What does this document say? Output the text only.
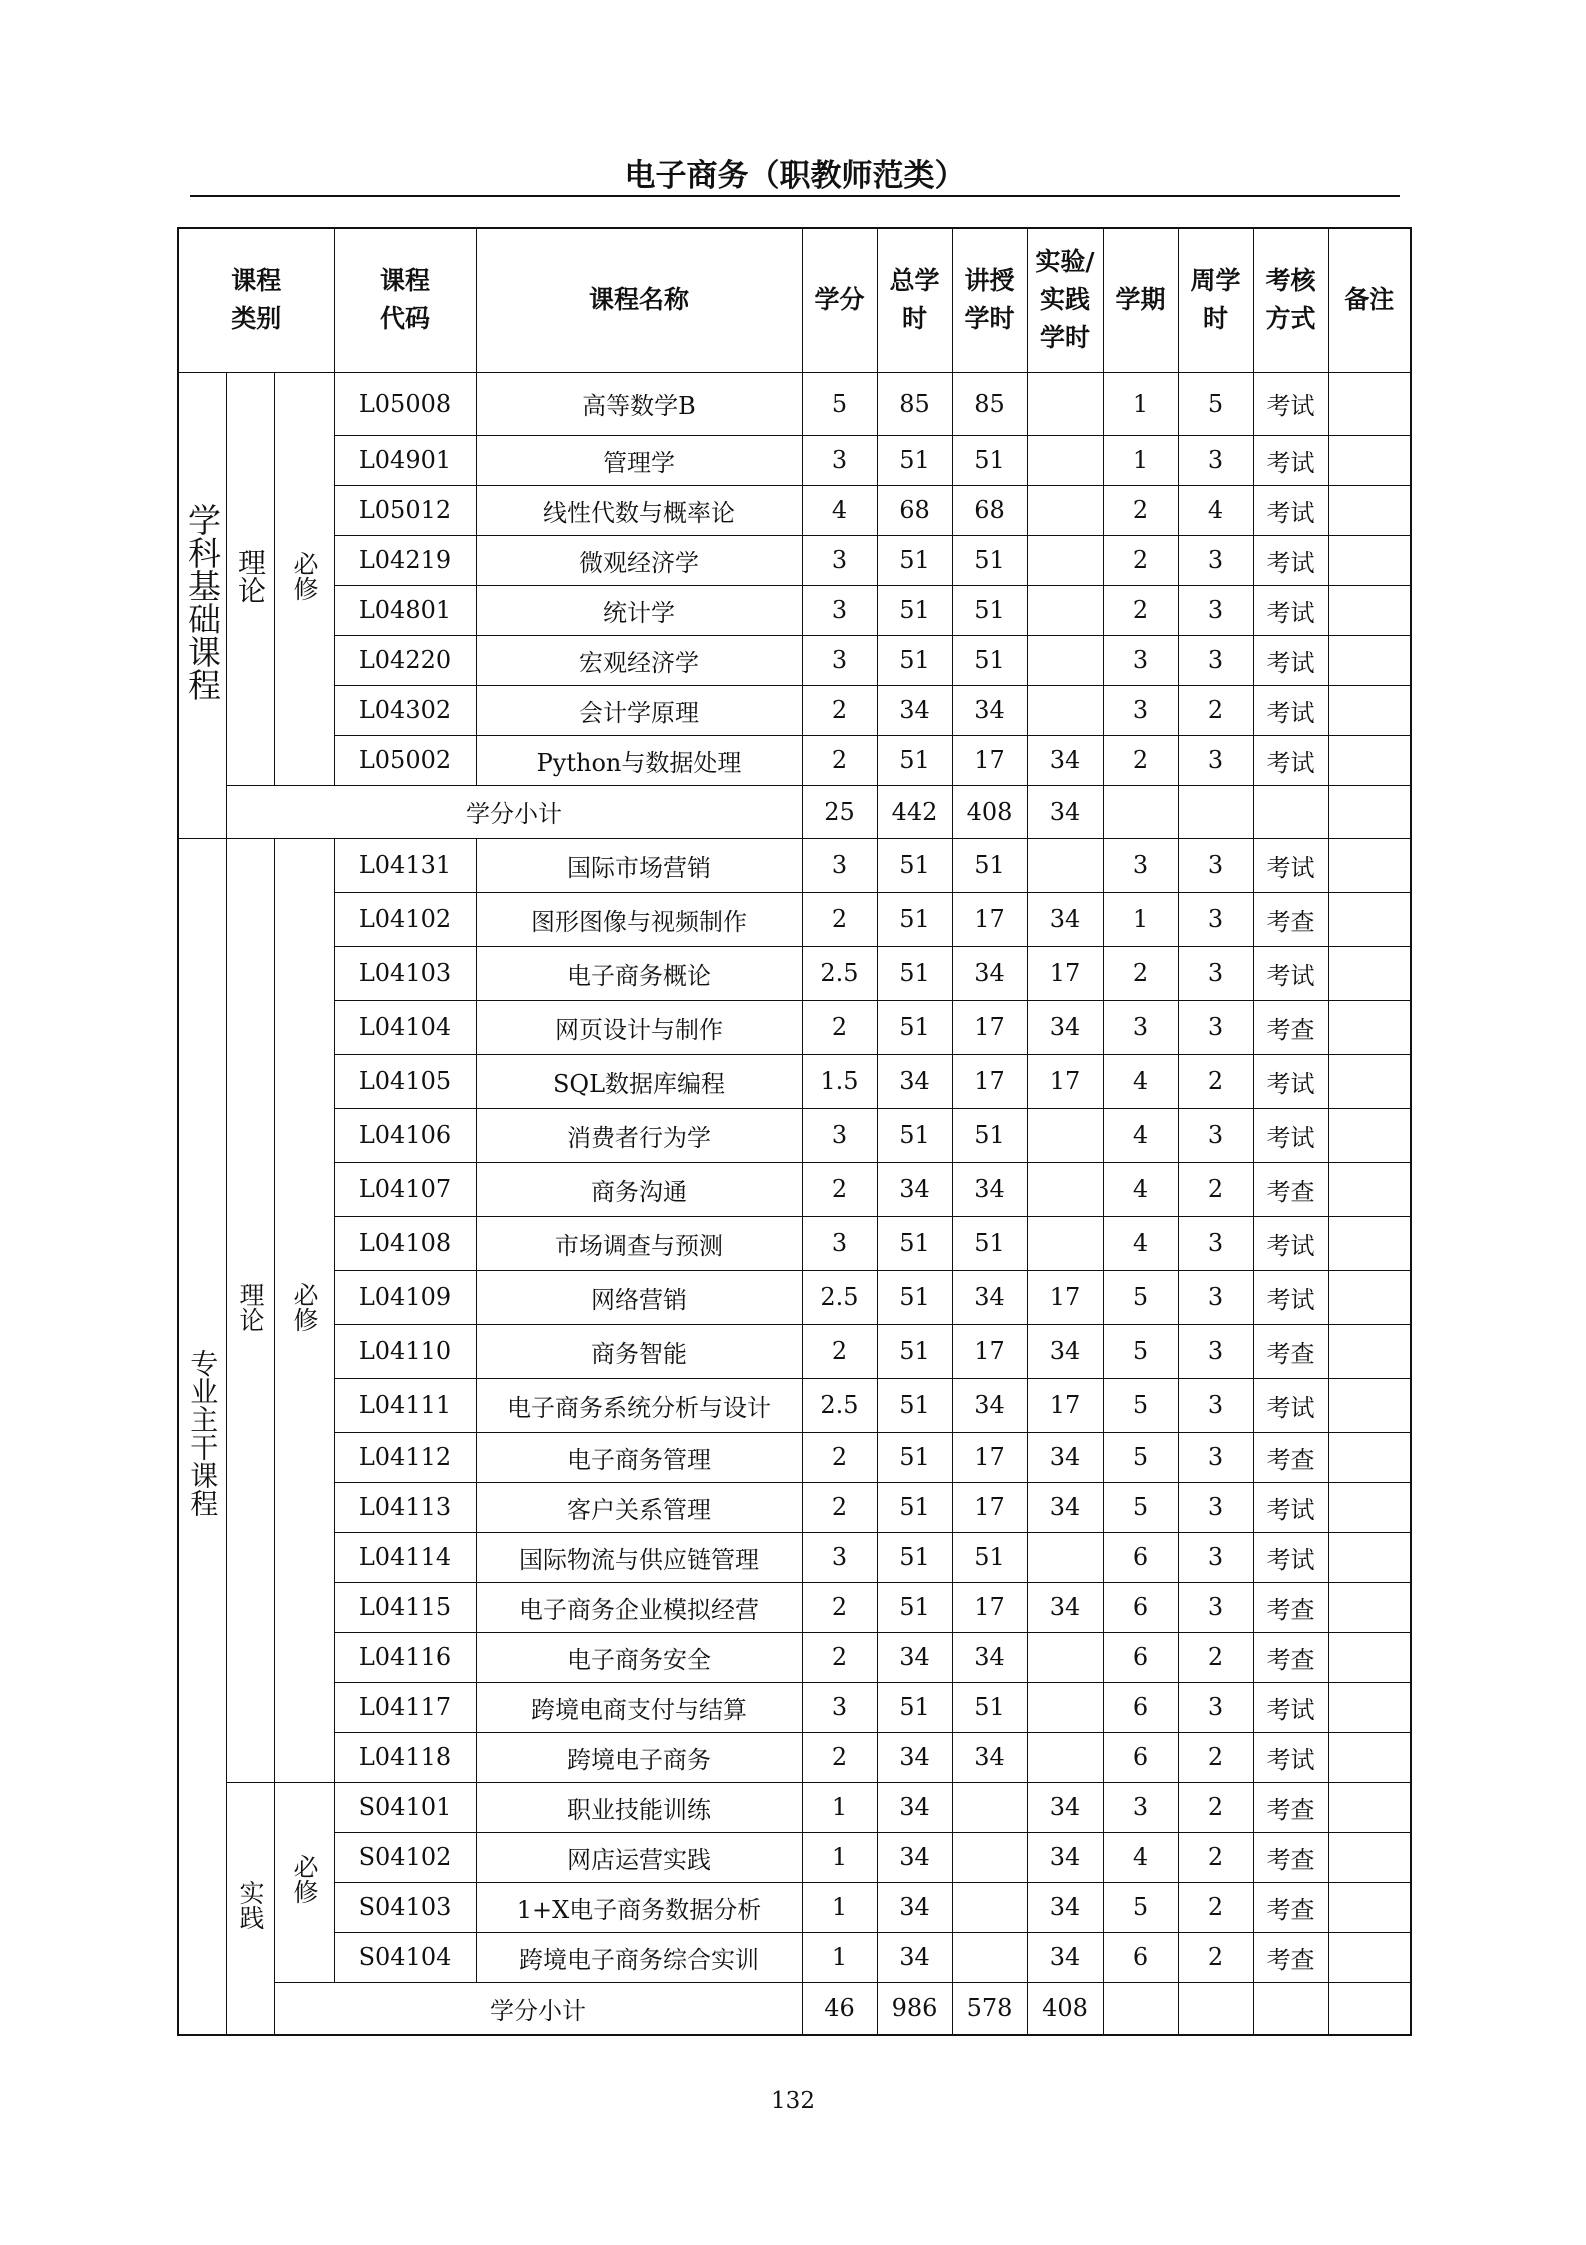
电子商务（职教师范类）
课程类别			课程代码	课程名称	学分	总学时	讲授学时	实验/实践学时	学期	周学时	考核方式	备注
学科基础课程	理论	必修	L05008	高等数学B	5	85	85		1	5	考试	
			L04901	管理学	3	51	51		1	3	考试	
			L05012	线性代数与概率论	4	68	68		2	4	考试	
			L04219	微观经济学	3	51	51		2	3	考试	
			L04801	统计学	3	51	51		2	3	考试	
			L04220	宏观经济学	3	51	51		3	3	考试	
			L04302	会计学原理	2	34	34		3	2	考试	
			L05002	Python与数据处理	2	51	17	34	2	3	考试	
	学分小计				25	442	408	34				
专业主干课程	理论	必修	L04131	国际市场营销	3	51	51		3	3	考试	
			L04102	图形图像与视频制作	2	51	17	34	1	3	考查	
			L04103	电子商务概论	2.5	51	34	17	2	3	考试	
			L04104	网页设计与制作	2	51	17	34	3	3	考查	
			L04105	SQL数据库编程	1.5	34	17	17	4	2	考试	
			L04106	消费者行为学	3	51	51		4	3	考试	
			L04107	商务沟通	2	34	34		4	2	考查	
			L04108	市场调查与预测	3	51	51		4	3	考试	
			L04109	网络营销	2.5	51	34	17	5	3	考试	
			L04110	商务智能	2	51	17	34	5	3	考查	
			L04111	电子商务系统分析与设计	2.5	51	34	17	5	3	考试	
			L04112	电子商务管理	2	51	17	34	5	3	考查	
			L04113	客户关系管理	2	51	17	34	5	3	考试	
			L04114	国际物流与供应链管理	3	51	51		6	3	考试	
			L04115	电子商务企业模拟经营	2	51	17	34	6	3	考查	
			L04116	电子商务安全	2	34	34		6	2	考查	
			L04117	跨境电商支付与结算	3	51	51		6	3	考试	
			L04118	跨境电子商务	2	34	34		6	2	考试	
	实践	必修	S04101	职业技能训练	1	34		34	3	2	考查	
			S04102	网店运营实践	1	34		34	4	2	考查	
			S04103	1+X电子商务数据分析	1	34		34	5	2	考查	
			S04104	跨境电子商务综合实训	1	34		34	6	2	考查	
		学分小计			46	986	578	408				
132
